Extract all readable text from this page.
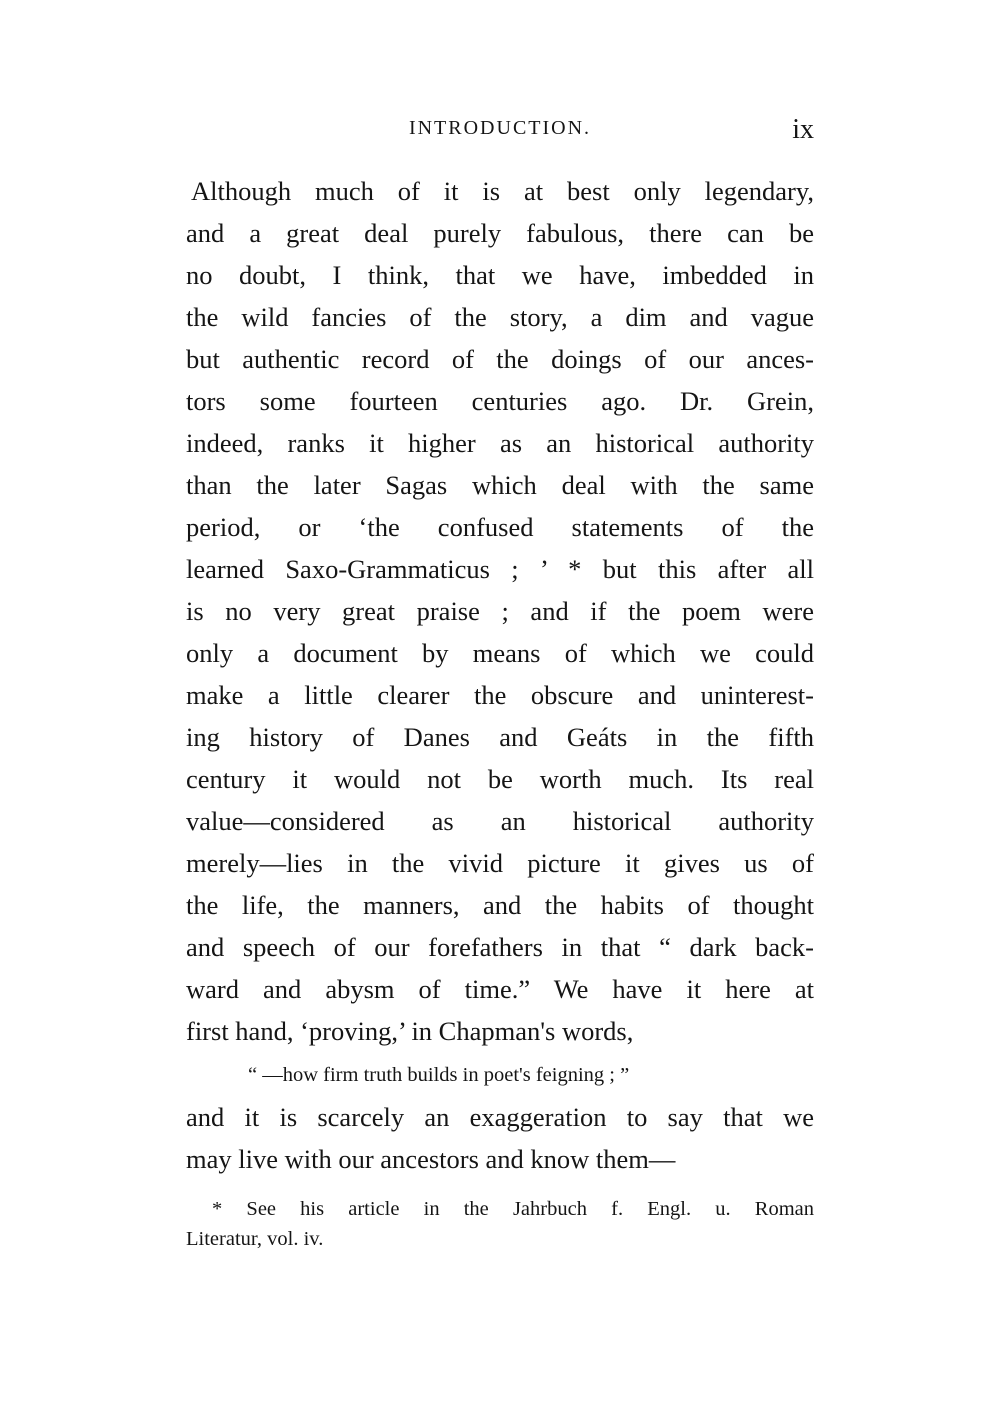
INTRODUCTION.	ix

Although much of it is at best only legendary,
and a great deal purely fabulous, there can be
no doubt, I think, that we have, imbedded in
the wild fancies of the story, a dim and vague
but authentic record of the doings of our ances-
tors some fourteen centuries ago. Dr. Grein,
indeed, ranks it higher as an historical authority
than the later Sagas which deal with the same
period, or ‘the confused statements of the
learned Saxo-Grammaticus ; ’ * but this after all
is no very great praise ; and if the poem were
only a document by means of which we could
make a little clearer the obscure and uninterest-
ing history of Danes and Geáts in the fifth
century it would not be worth much. Its real
value—considered as an historical authority
merely—lies in the vivid picture it gives us of
the life, the manners, and the habits of thought
and speech of our forefathers in that “ dark back-
ward and abysm of time.” We have it here at
first hand, ‘proving,’ in Chapman's words,

“ —how firm truth builds in poet's feigning ; ”

and it is scarcely an exaggeration to say that we
may live with our ancestors and know them—

* See his article in the Jahrbuch f. Engl. u. Roman
Literatur, vol. iv.
